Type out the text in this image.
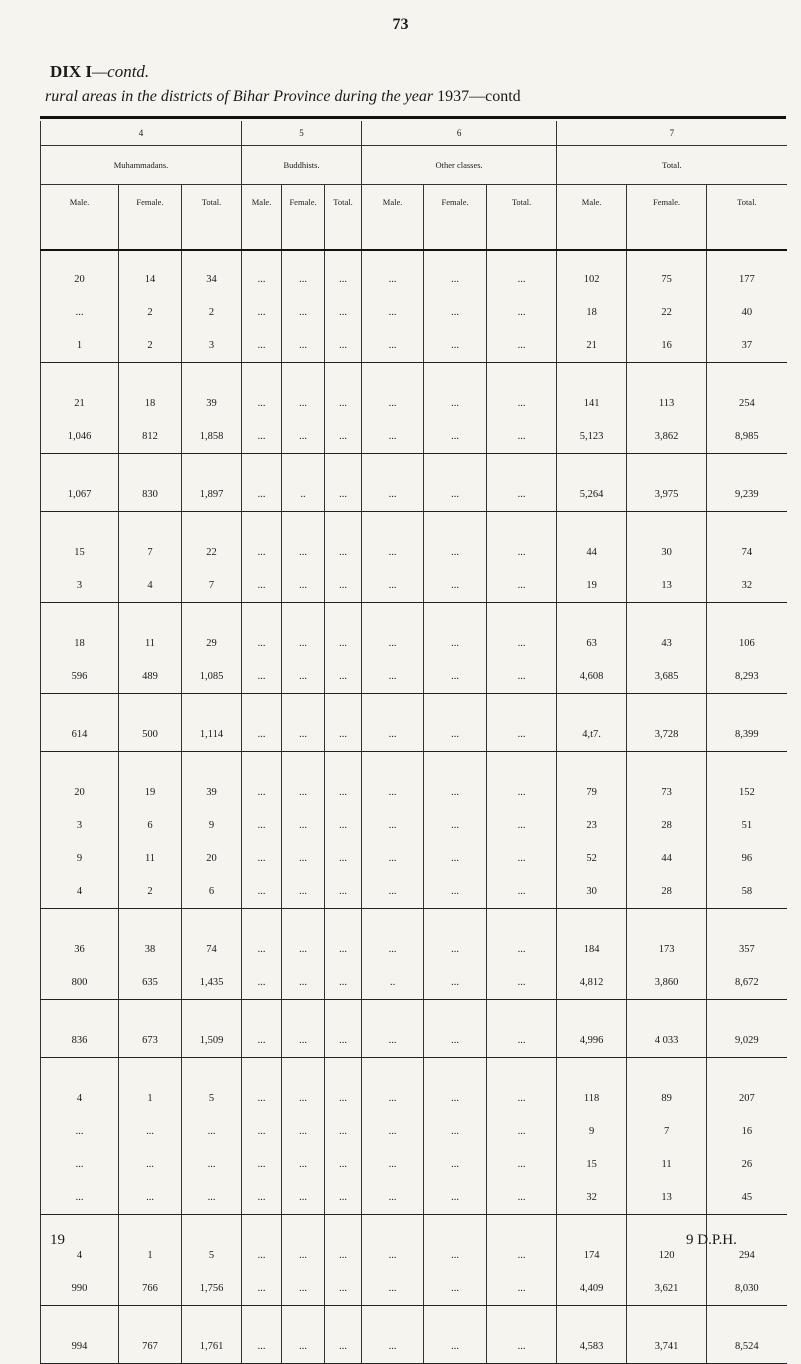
73
DIX I—contd.
rural areas in the districts of Bihar Province during the year 1937—contd
4			5			6			7		
Muhammadans.			Buddhists.			Other classes.			Total.		
Male.	Female.	Total.	Male.	Female.	Total.	Male.	Female.	Total.	Male.	Female.	Total.

20	14	34	...	...	...	...	...	...	102	75	177
...	2	2	...	...	...	...	...	...	18	22	40
1	2	3	...	...	...	...	...	...	21	16	37

21	18	39	...	...	...	...	...	...	141	113	254
1,046	812	1,858	...	...	...	...	...	...	5,123	3,862	8,985

1,067	830	1,897	...	..	...	...	...	...	5,264	3,975	9,239

15	7	22	...	...	...	...	...	...	44	30	74
3	4	7	...	...	...	...	...	...	19	13	32

18	11	29	...	...	...	...	...	...	63	43	106
596	489	1,085	...	...	...	...	...	...	4,608	3,685	8,293

614	500	1,114	...	...	...	...	...	...	4,t7.	3,728	8,399

20	19	39	...	...	...	...	...	...	79	73	152
3	6	9	...	...	...	...	...	...	23	28	51
9	11	20	...	...	...	...	...	...	52	44	96
4	2	6	...	...	...	...	...	...	30	28	58

36	38	74	...	...	...	...	...	...	184	173	357
800	635	1,435	...	...	...	..	...	...	4,812	3,860	8,672

836	673	1,509	...	...	...	...	...	...	4,996	4 033	9,029

4	1	5	...	...	...	...	...	...	118	89	207
...	...	...	...	...	...	...	...	...	9	7	16
...	...	...	...	...	...	...	...	...	15	11	26
...	...	...	...	...	...	...	...	...	32	13	45

4	1	5	...	...	...	...	...	...	174	120	294
990	766	1,756	...	...	...	...	...	...	4,409	3,621	8,030

994	767	1,761	...	...	...	...	...	...	4,583	3,741	8,524
19	9 D.P.H.
